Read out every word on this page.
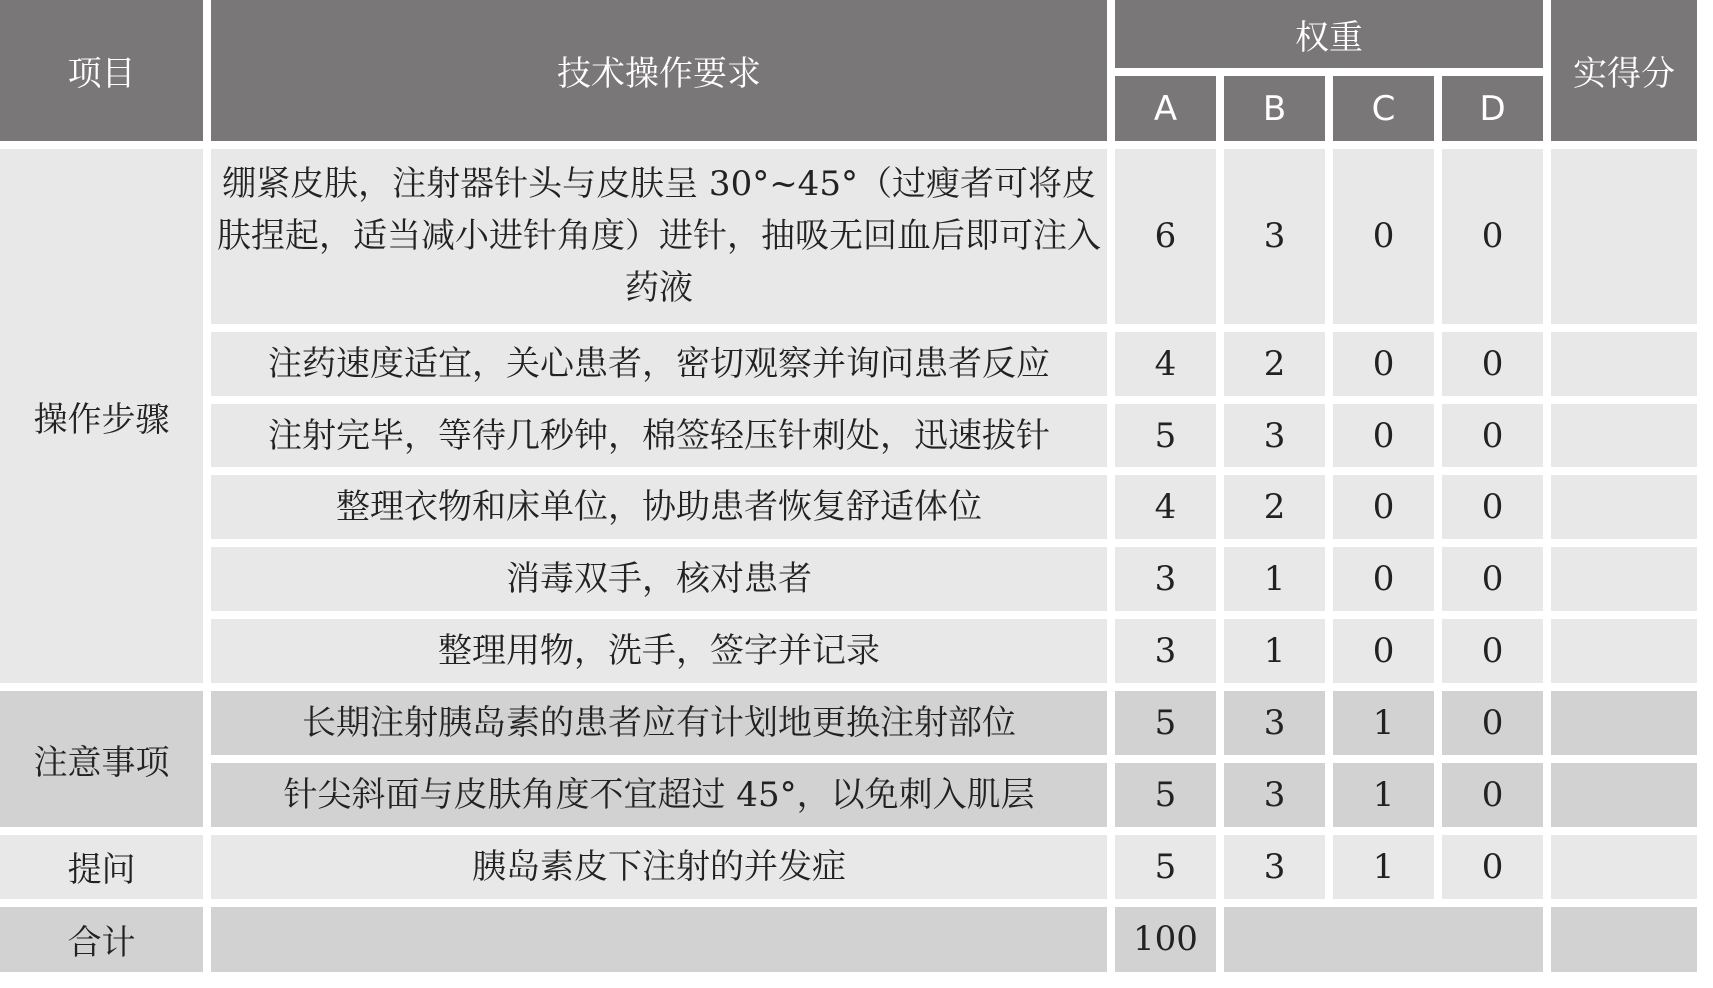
项目	技术操作要求	权重				实得分
		A	B	C	D	
操作步骤	绷紧皮肤，注射器针头与皮肤呈 30°~45°（过瘦者可将皮肤捏起，适当减小进针角度）进针，抽吸无回血后即可注入药液	6	3	0	0	
	注药速度适宜，关心患者，密切观察并询问患者反应	4	2	0	0	
	注射完毕，等待几秒钟，棉签轻压针刺处，迅速拔针	5	3	0	0	
	整理衣物和床单位，协助患者恢复舒适体位	4	2	0	0	
	消毒双手，核对患者	3	1	0	0	
	整理用物，洗手，签字并记录	3	1	0	0	
注意事项	长期注射胰岛素的患者应有计划地更换注射部位	5	3	1	0	
	针尖斜面与皮肤角度不宜超过 45°，以免刺入肌层	5	3	1	0	
提问	胰岛素皮下注射的并发症	5	3	1	0	
合计		100				
